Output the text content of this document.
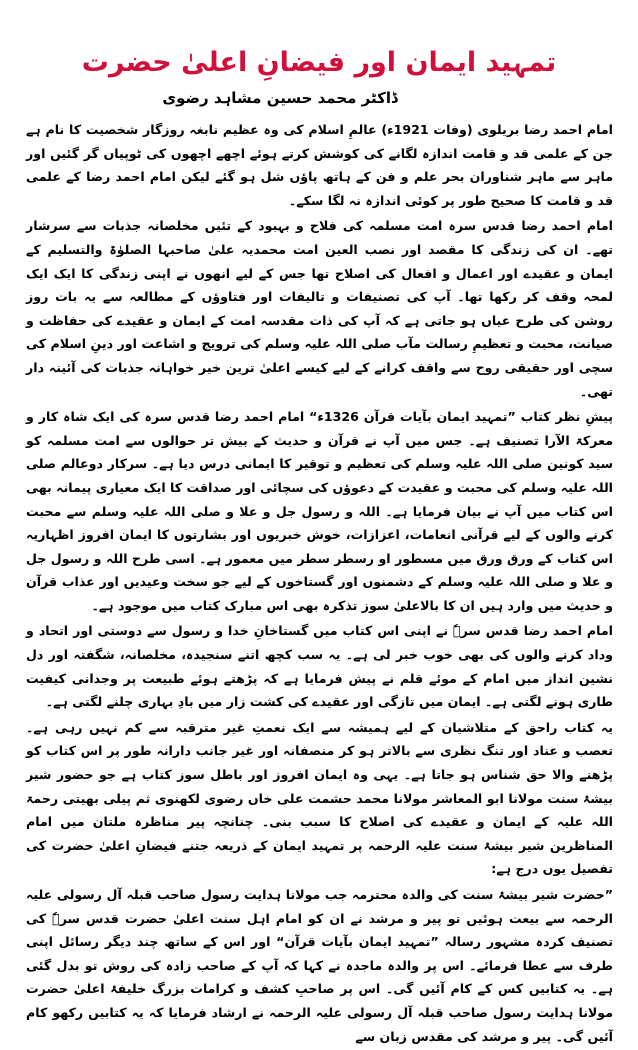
تمہید ایمان اور فیضانِ اعلیٰ حضرت
ڈاکٹر محمد حسین مشاہد رضوی

امام احمد رضا بریلوی (وفات 1921ء) عالمِ اسلام کی وہ عظیم نابغہ روزگار شخصیت کا نام ہے جن کے علمی قد و قامت اندازہ لگانے کی کوشش کرتے ہوئے اچھے اچھوں کی ٹوپیاں گر گئیں اور ماہر سے ماہر شناوران بحر علم و فن کے ہاتھ پاؤں شل ہو گئے لیکن امام احمد رضا کے علمی قد و قامت کا صحیح طور پر کوئی اندازہ نہ لگا سکے۔

امام احمد رضا قدس سرہ امت مسلمہ کی فلاح و بہبود کے تئیں مخلصانہ جذبات سے سرشار تھے۔ ان کی زندگی کا مقصد اور نصب العین امت محمدیہ علیٰ صاحبہا الصلوٰۃ والتسلیم کے ایمان و عقیدے اور اعمال و افعال کی اصلاح تھا جس کے لیے انھوں نے اپنی زندگی کا ایک ایک لمحہ وقف کر رکھا تھا۔ آپ کی تصنیفات و تالیفات اور فتاوؤں کے مطالعہ سے یہ بات روز روشن کی طرح عیاں ہو جاتی ہے کہ آپ کی ذات مقدسہ امت کے ایمان و عقیدے کی حفاظت و صیانت، محبت و تعظیمِ رسالت مآب صلی اللہ علیہ وسلم کی ترویج و اشاعت اور دینِ اسلام کی سچی اور حقیقی روح سے واقف کرانے کے لیے کیسے اعلیٰ ترین خیر خواہانہ جذبات کی آئینہ دار تھی۔

پیشِ نظر کتاب ”تمہید ایمان بآیات قرآن 1326ء“ امام احمد رضا قدس سرہ کی ایک شاہ کار و معرکۃ الآرا تصنیف ہے۔ جس میں آپ نے قرآن و حدیث کے بیش تر حوالوں سے امت مسلمہ کو سید کونین صلی اللہ علیہ وسلم کی تعظیم و توقیر کا ایمانی درس دیا ہے۔ سرکار دوعالم صلی اللہ علیہ وسلم کی محبت و عقیدت کے دعوؤں کی سچائی اور صداقت کا ایک معیاری پیمانہ بھی اس کتاب میں آپ نے بیان فرمایا ہے۔ اللہ و رسول جل و علا و صلی اللہ علیہ وسلم سے محبت کرنے والوں کے لیے قرآنی انعامات، اعزازات، خوش خبریوں اور بشارتوں کا ایمان افروز اظہاریہ اس کتاب کے ورق ورق میں مسطور او رسطر سطر میں معمور ہے۔ اسی طرح اللہ و رسول جل و علا و صلی اللہ علیہ وسلم کے دشمنوں اور گستاخوں کے لیے جو سخت وعیدیں اور عذاب قرآن و حدیث میں وارد ہیں ان کا بالاعلیٰ سوز تذکرہ بھی اس مبارک کتاب میں موجود ہے۔

امام احمد رضا قدس سرہٗ نے اپنی اس کتاب میں گستاخانِ خدا و رسول سے دوستی اور اتحاد و وداد کرنے والوں کی بھی خوب خبر لی ہے۔ یہ سب کچھ اتنے سنجیدہ، مخلصانہ، شگفتہ اور دل نشین انداز میں امام کے موئے قلم نے پیش فرمایا ہے کہ پڑھتے ہوئے طبیعت پر وجدانی کیفیت طاری ہونے لگتی ہے۔ ایمان میں تازگی اور عقیدے کی کشت زار میں بادِ بہاری چلنے لگتی ہے۔

یہ کتاب راحق کے متلاشیان کے لیے ہمیشہ سے ایک نعمتِ غیر مترقبہ سے کم نہیں رہی ہے۔ تعصب و عناد اور تنگ نظری سے بالاتر ہو کر منصفانہ اور غیر جانب دارانہ طور پر اس کتاب کو پڑھنے والا حق شناس ہو جاتا ہے۔ یہی وہ ایمان افروز اور باطل سوز کتاب ہے جو حضور شیر بیشۂ سنت مولانا ابو المعاشر مولانا محمد حشمت علی خاں رضوی لکھنوی ثم پیلی بھیتی رحمۃ اللہ علیہ کے ایمان و عقیدے کی اصلاح کا سبب بنی۔ چنانچہ پیر مناظرہ ملتان میں امام المناظرین شیر بیشۂ سنت علیہ الرحمہ پر تمہید ایمان کے ذریعہ جتنے فیضانِ اعلیٰ حضرت کی تفصیل یوں درج ہے:

”حضرت شیر بیشۂ سنت کی والدہ محترمہ جب مولانا ہدایت رسول صاحب قبلہ آل رسولی علیہ الرحمہ سے بیعت ہوئیں تو پیر و مرشد نے ان کو امام اہل سنت اعلیٰ حضرت قدس سرہٗ کی تصنیف کردہ مشہور رسالہ ”تمہید ایمان بآیات قرآن“ اور اس کے ساتھ چند دیگر رسائل اپنی طرف سے عطا فرمائے۔ اس پر والدہ ماجدہ نے کہا کہ آپ کے صاحب زادہ کی روش تو بدل گئی ہے۔ یہ کتابیں کس کے کام آئیں گی۔ اس پر صاحبِ کشف و کرامات بزرگ خلیفۂ اعلیٰ حضرت مولانا ہدایت رسول صاحب قبلہ آل رسولی علیہ الرحمہ نے ارشاد فرمایا کہ یہ کتابیں رکھو کام آئیں گی۔ پیر و مرشد کی مقدس زبان سے
